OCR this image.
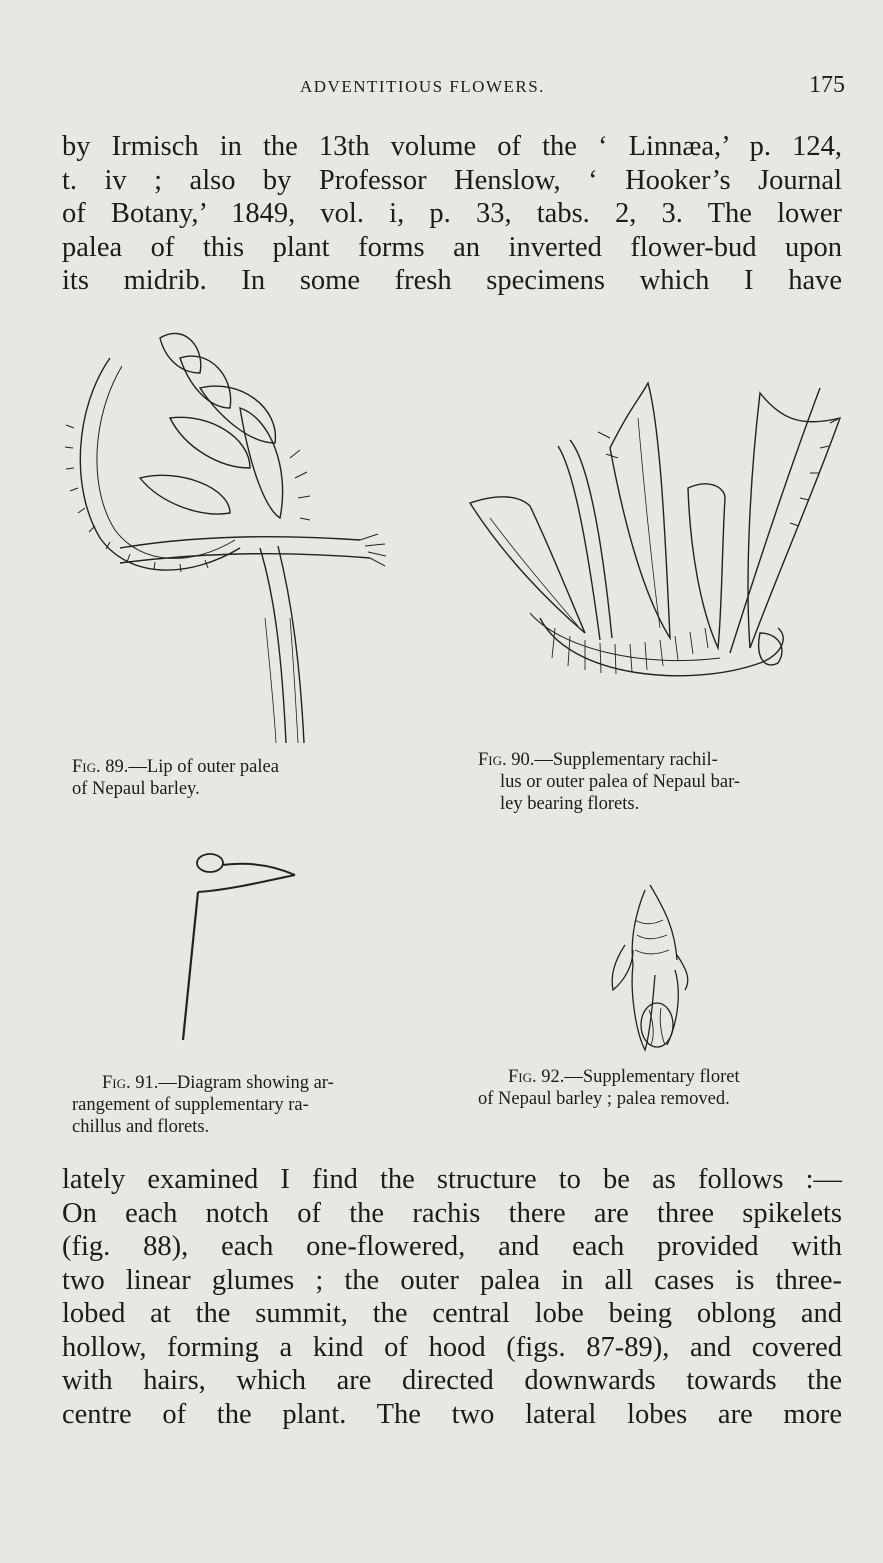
ADVENTITIOUS FLOWERS.	175

by Irmisch in the 13th volume of the ‘ Linnæa,’ p. 124,
t. iv ; also by Professor Henslow, ‘ Hooker’s Journal
of Botany,’ 1849, vol. i, p. 33, tabs. 2, 3. The lower
palea of this plant forms an inverted flower-bud upon
its midrib. In some fresh specimens which I have

Fig. 89.—Lip of outer palea
of Nepaul barley.
Fig. 90.—Supplementary rachil-
lus or outer palea of Nepaul bar-
ley bearing florets.
Fig. 91.—Diagram showing ar-
rangement of supplementary ra-
chillus and florets.
Fig. 92.—Supplementary floret
of Nepaul barley ; palea removed.

lately examined I find the structure to be as follows :—
On each notch of the rachis there are three spikelets
(fig. 88), each one-flowered, and each provided with
two linear glumes ; the outer palea in all cases is three-
lobed at the summit, the central lobe being oblong and
hollow, forming a kind of hood (figs. 87-89), and covered
with hairs, which are directed downwards towards the
centre of the plant. The two lateral lobes are more
